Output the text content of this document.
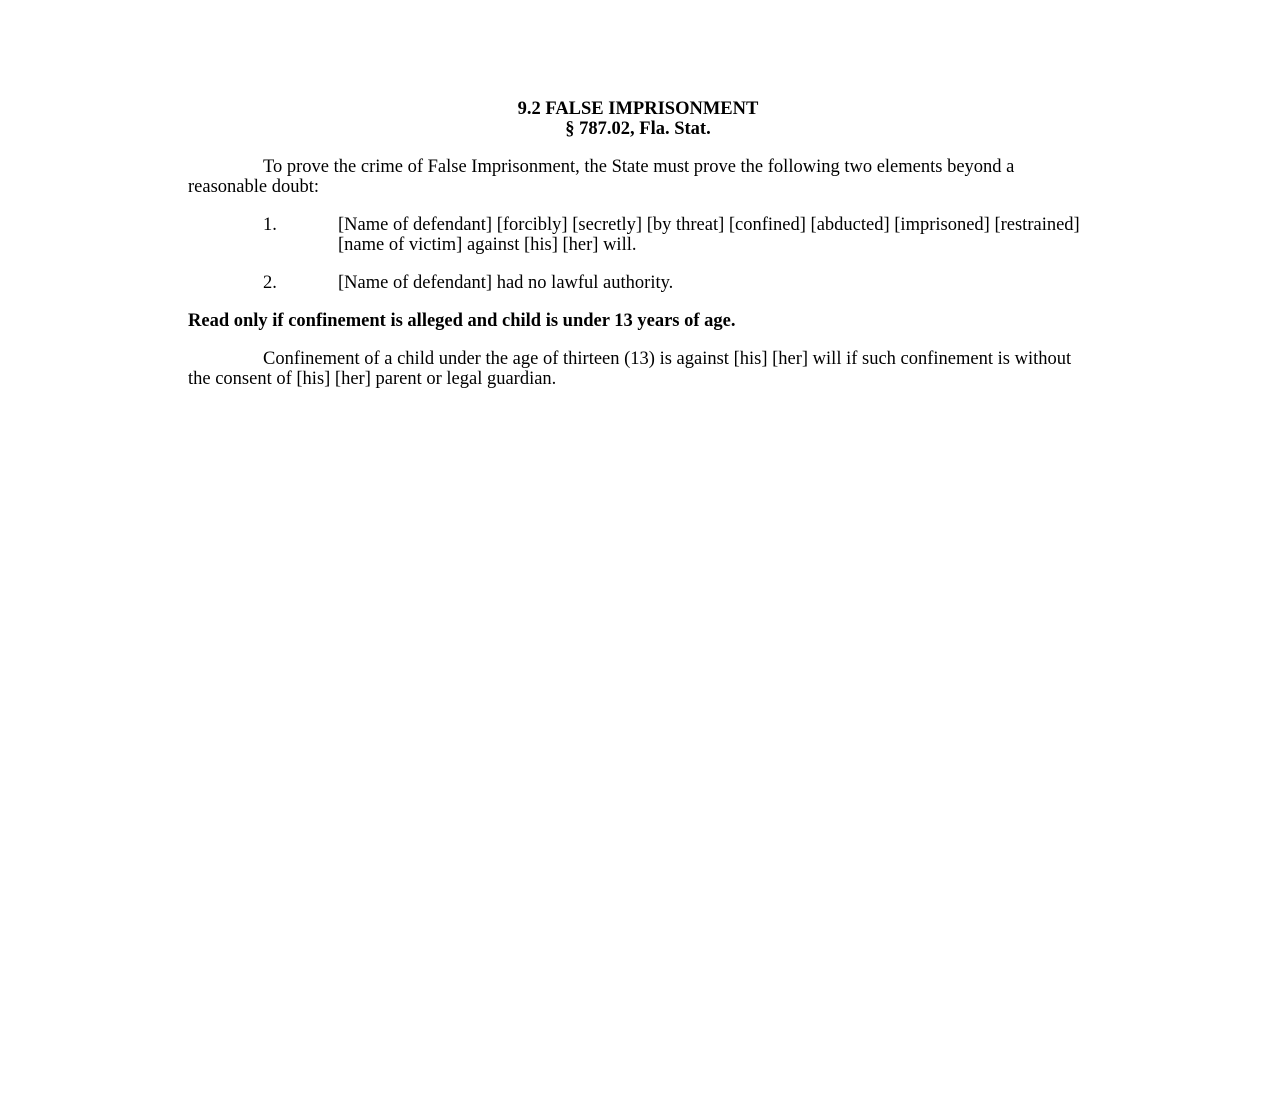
9.2 FALSE IMPRISONMENT
§ 787.02, Fla. Stat.

To prove the crime of False Imprisonment, the State must prove the following two elements beyond a reasonable doubt:

1.	[Name of defendant] [forcibly] [secretly] [by threat] [confined] [abducted] [imprisoned] [restrained] [name of victim] against [his] [her] will.
2.	[Name of defendant] had no lawful authority.

Read only if confinement is alleged and child is under 13 years of age.

Confinement of a child under the age of thirteen (13) is against [his] [her] will if such confinement is without the consent of [his] [her] parent or legal guardian.
